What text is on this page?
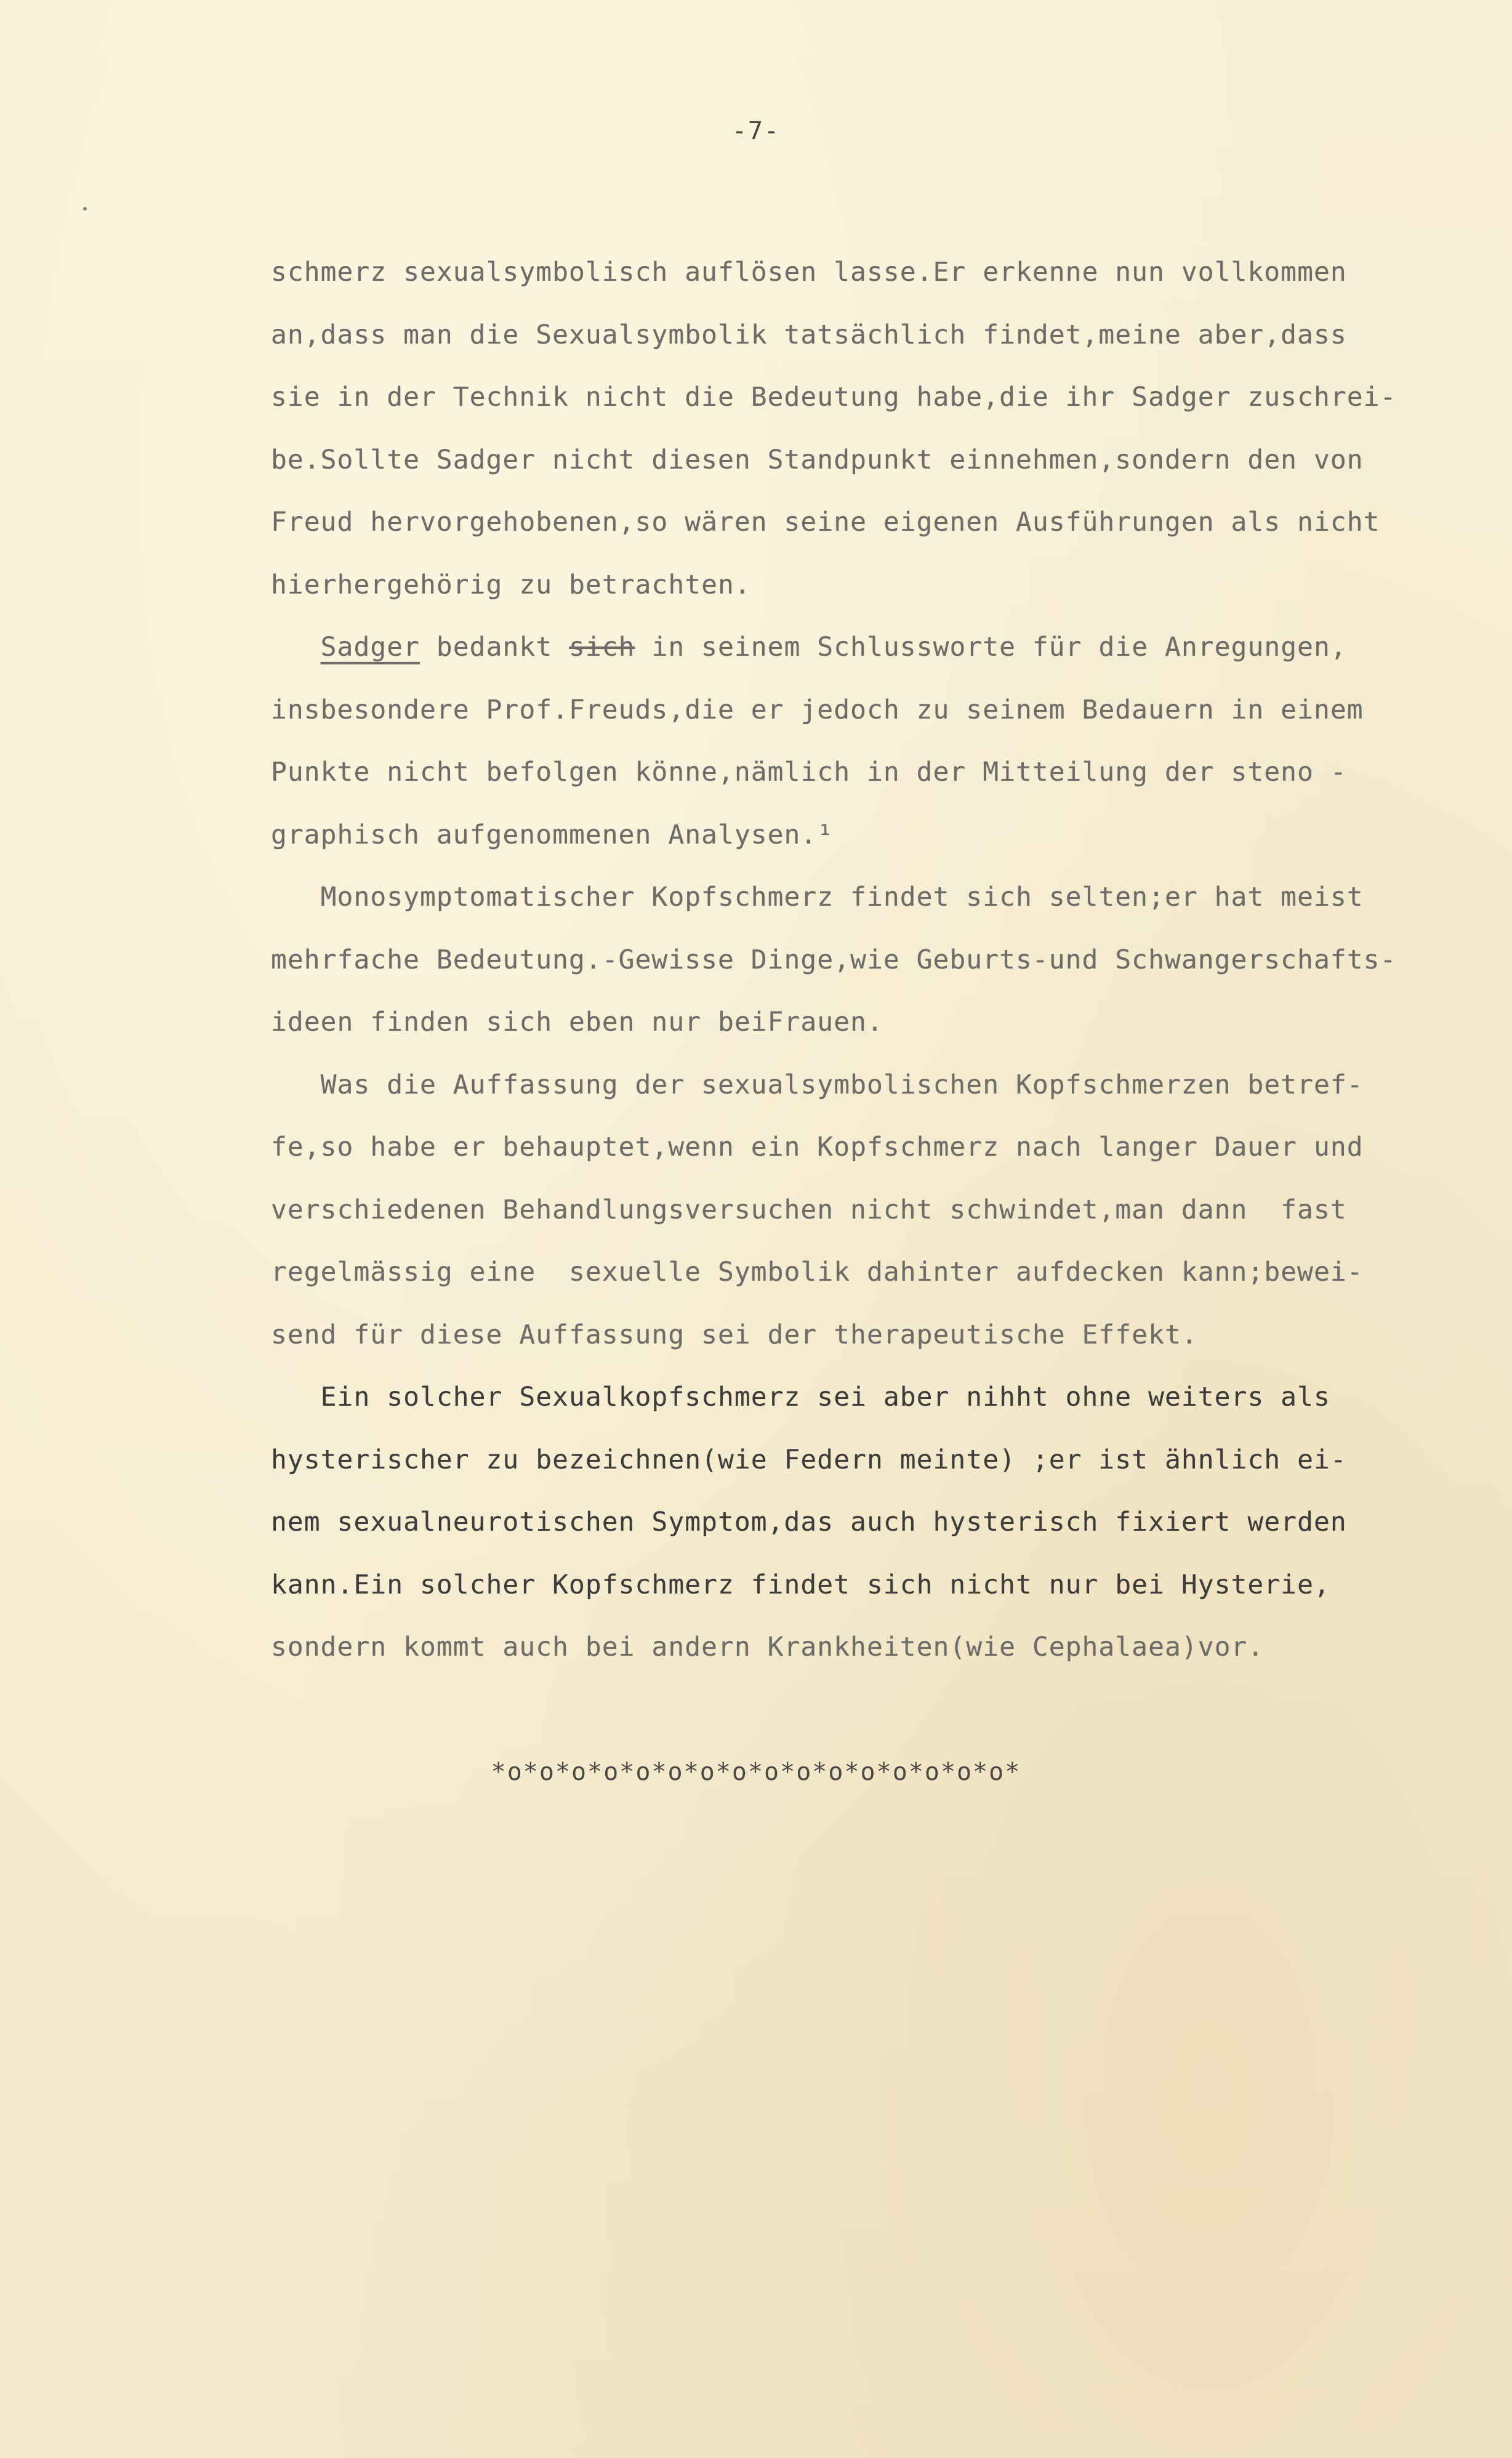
-7-
schmerz sexualsymbolisch auflösen lasse.Er erkenne nun vollkommen
an,dass man die Sexualsymbolik tatsächlich findet,meine aber,dass
sie in der Technik nicht die Bedeutung habe,die ihr Sadger zuschrei-
be.Sollte Sadger nicht diesen Standpunkt einnehmen,sondern den von
Freud hervorgehobenen,so wären seine eigenen Ausführungen als nicht
hierhergehörig zu betrachten.
Sadger bedankt sich in seinem Schlussworte für die Anregungen,
insbesondere Prof.Freuds,die er jedoch zu seinem Bedauern in einem
Punkte nicht befolgen könne,nämlich in der Mitteilung der steno -
graphisch aufgenommenen Analysen.¹
Monosymptomatischer Kopfschmerz findet sich selten;er hat meist
mehrfache Bedeutung.-Gewisse Dinge,wie Geburts-und Schwangerschafts-
ideen finden sich eben nur beiFrauen.
Was die Auffassung der sexualsymbolischen Kopfschmerzen betref-
fe,so habe er behauptet,wenn ein Kopfschmerz nach langer Dauer und
verschiedenen Behandlungsversuchen nicht schwindet,man dann  fast
regelmässig eine  sexuelle Symbolik dahinter aufdecken kann;bewei-
send für diese Auffassung sei der therapeutische Effekt.
Ein solcher Sexualkopfschmerz sei aber nihht ohne weiters als
hysterischer zu bezeichnen(wie Federn meinte) ;er ist ähnlich ei-
nem sexualneurotischen Symptom,das auch hysterisch fixiert werden
kann.Ein solcher Kopfschmerz findet sich nicht nur bei Hysterie,
sondern kommt auch bei andern Krankheiten(wie Cephalaea)vor.
*o*o*o*o*o*o*o*o*o*o*o*o*o*o*o*o*
